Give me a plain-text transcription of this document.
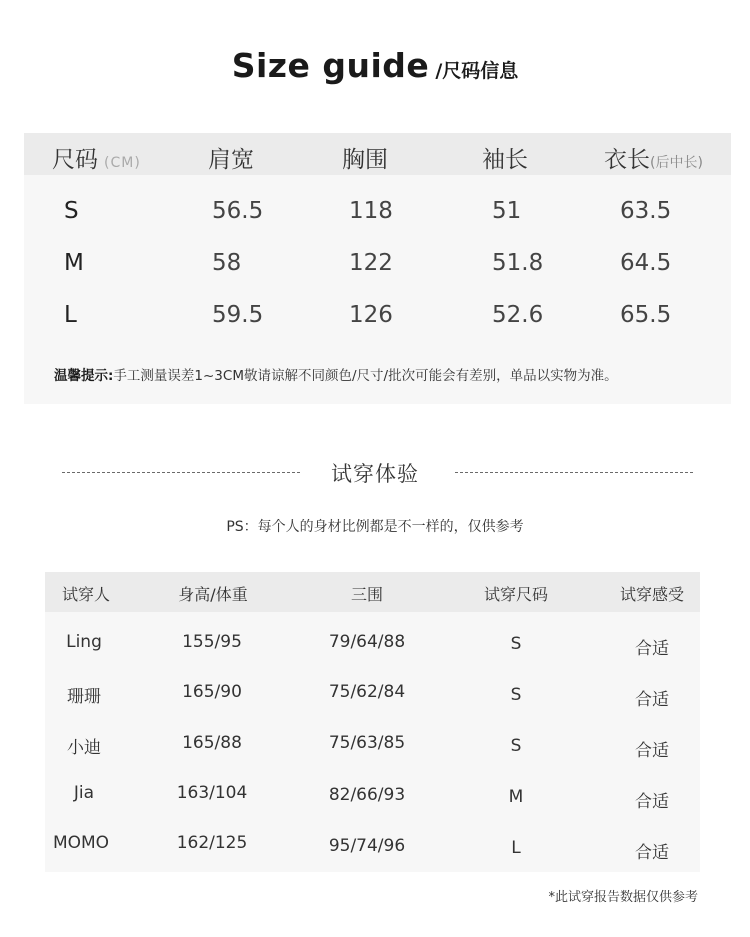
Size guide /尺码信息
尺码 (CM)	肩宽	胸围	袖长	衣长(后中长)
S	56.5	118	51	63.5
M	58	122	51.8	64.5
L	59.5	126	52.6	65.5
温馨提示:手工测量误差1~3CM敬请谅解不同颜色/尺寸/批次可能会有差别，单品以实物为准。
试穿体验
PS：每个人的身材比例都是不一样的，仅供参考
试穿人	身高/体重	三围	试穿尺码	试穿感受
Ling	155/95	79/64/88	S	合适
珊珊	165/90	75/62/84	S	合适
小迪	165/88	75/63/85	S	合适
Jia	163/104	82/66/93	M	合适
MOMO	162/125	95/74/96	L	合适
*此试穿报告数据仅供参考
